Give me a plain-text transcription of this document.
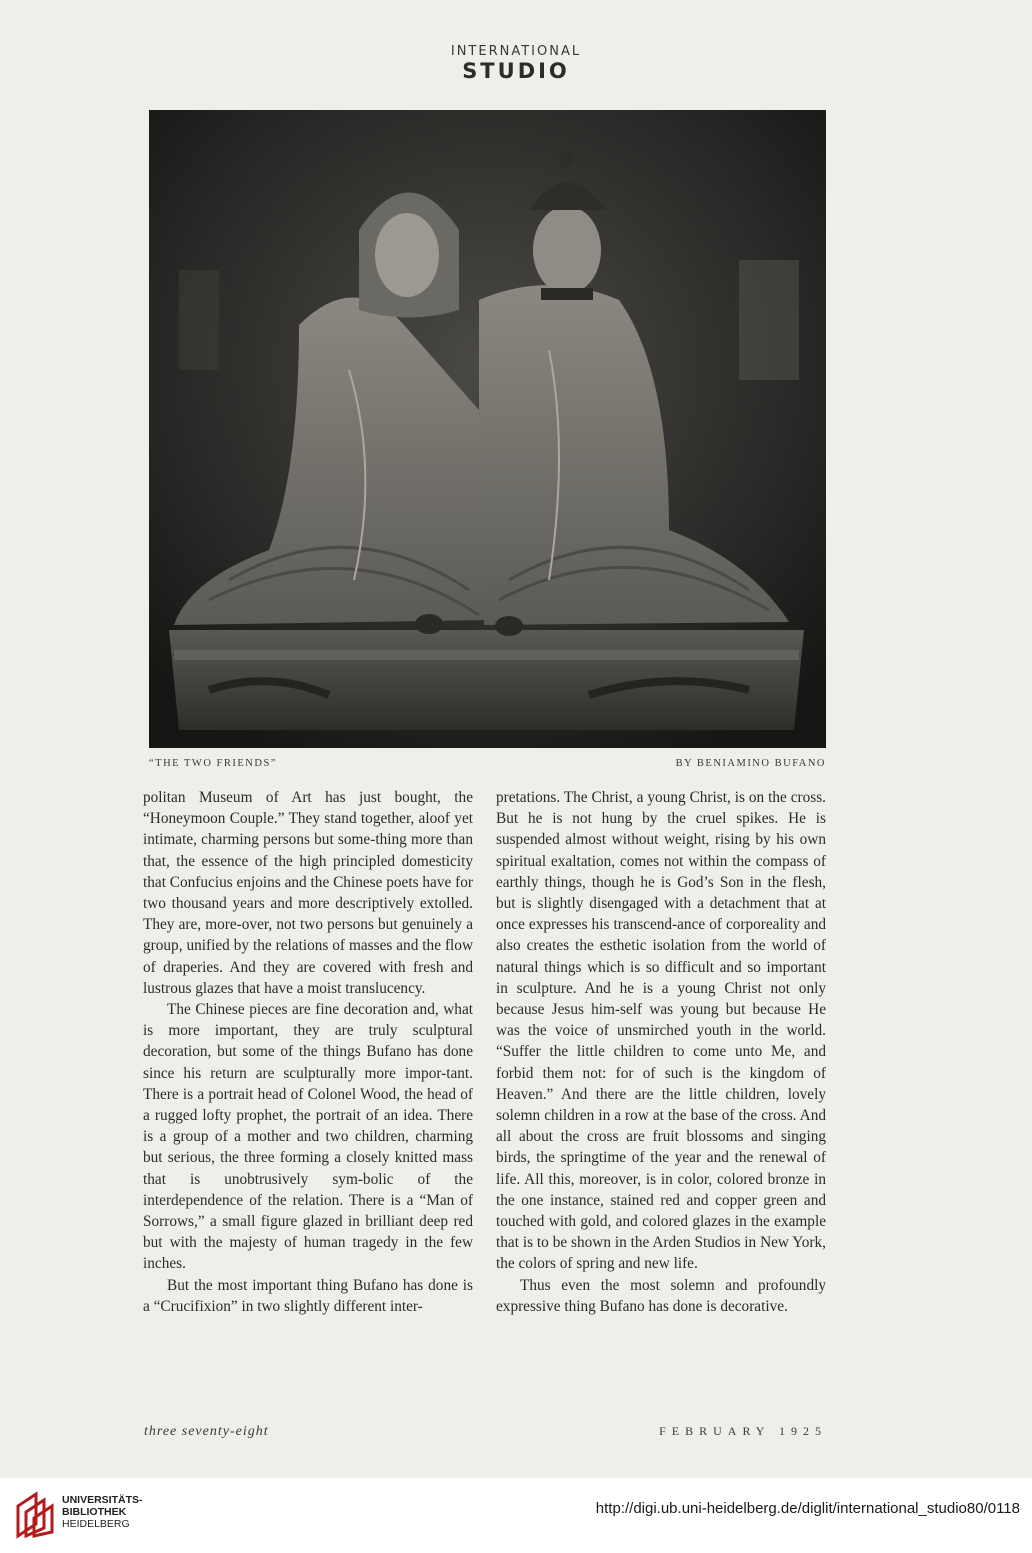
INTERNATIONAL
STUDIO
“THE TWO FRIENDS”	BY BENIAMINO BUFANO

politan Museum of Art has just bought, the “Honeymoon Couple.” They stand together, aloof yet intimate, charming persons but some-thing more than that, the essence of the high principled domesticity that Confucius enjoins and the Chinese poets have for two thousand years and more descriptively extolled. They are, more-over, not two persons but genuinely a group, unified by the relations of masses and the flow of draperies. And they are covered with fresh and lustrous glazes that have a moist translucency.

The Chinese pieces are fine decoration and, what is more important, they are truly sculptural decoration, but some of the things Bufano has done since his return are sculpturally more impor-tant. There is a portrait head of Colonel Wood, the head of a rugged lofty prophet, the portrait of an idea. There is a group of a mother and two children, charming but serious, the three forming a closely knitted mass that is unobtrusively sym-bolic of the interdependence of the relation. There is a “Man of Sorrows,” a small figure glazed in brilliant deep red but with the majesty of human tragedy in the few inches.

But the most important thing Bufano has done is a “Crucifixion” in two slightly different inter-

pretations. The Christ, a young Christ, is on the cross. But he is not hung by the cruel spikes. He is suspended almost without weight, rising by his own spiritual exaltation, comes not within the compass of earthly things, though he is God’s Son in the flesh, but is slightly disengaged with a detachment that at once expresses his transcend-ance of corporeality and also creates the esthetic isolation from the world of natural things which is so difficult and so important in sculpture. And he is a young Christ not only because Jesus him-self was young but because He was the voice of unsmirched youth in the world. “Suffer the little children to come unto Me, and forbid them not: for of such is the kingdom of Heaven.” And there are the little children, lovely solemn children in a row at the base of the cross. And all about the cross are fruit blossoms and singing birds, the springtime of the year and the renewal of life. All this, moreover, is in color, colored bronze in the one instance, stained red and copper green and touched with gold, and colored glazes in the example that is to be shown in the Arden Studios in New York, the colors of spring and new life.

Thus even the most solemn and profoundly expressive thing Bufano has done is decorative.

three seventy-eight	FEBRUARY 1925
UNIVERSITÄTS-
BIBLIOTHEK
HEIDELBERG
http://digi.ub.uni-heidelberg.de/diglit/international_studio80/0118
